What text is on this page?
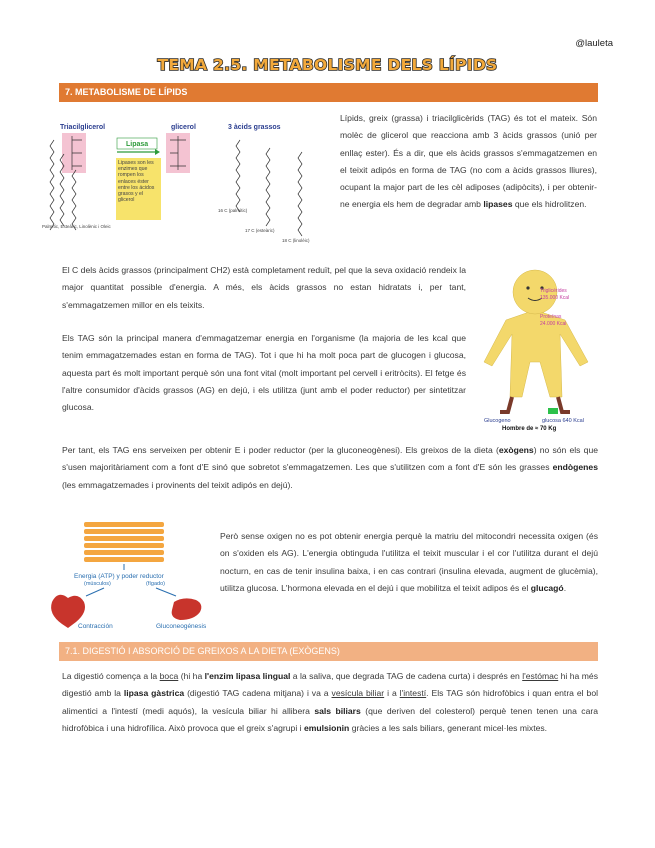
@lauleta
TEMA 2.5. METABOLISME DELS LÍPIDS
7. METABOLISME DE LÍPIDS
Triacilglicerol	glicerol	3 àcids grassos
Lipasa
Lipases son les enzimes que rompen los enlaces éster entre los ácidos grasos y el glicerol
Palmític, Esteàric, Linolènic i Oleic
16 C (palmític)
17 C (esteàric)
18 C (linolèic)

Lípids, greix (grassa) i triacilglicèrids (TAG) és tot el mateix. Són molèc de glicerol que reacciona amb 3 àcids grassos (unió per enllaç ester). És a dir, que els àcids grassos s'emmagatzemen en el teixit adipós en forma de TAG (no com a àcids grassos lliures), ocupant la major part de les cèl adiposes (adipòcits), i per obtenir-ne energia els hem de degradar amb lipases que els hidrolitzen.

El C dels àcids grassos (principalment CH2) està completament reduït, pel que la seva oxidació rendeix la major quantitat possible d'energia. A més, els àcids grassos no estan hidratats i, per tant, s'emmagatzemen millor en els teixits.

Triglicérides
135.000 Kcal
Proteínas
24.000 Kcal
Glucogeno	glucosa 640 Kcal
Hombre de ≈ 70 Kg

Els TAG són la principal manera d'emmagatzemar energia en l'organisme (la majoria de les kcal que tenim emmagatzemades estan en forma de TAG). Tot i que hi ha molt poca part de glucogen i glucosa, aquesta part és molt important perquè són una font vital (molt important pel cervell i eritròcits). El fetge és l'altre consumidor d'àcids grassos (AG) en dejú, i els utilitza (junt amb el poder reductor) per sintetitzar glucosa.

Per tant, els TAG ens serveixen per obtenir E i poder reductor (per la gluconeogènesi). Els greixos de la dieta (exògens) no són els que s'usen majoritàriament com a font d'E sinó que sobretot s'emmagatzemen. Les que s'utilitzen com a font d'E són les grasses endògenes (les emmagatzemades i provinents del teixit adipós en dejú).

Energia (ATP) y poder reductor
(músculos)	(fígado)
Contracción	Gluconeogénesis

Però sense oxigen no es pot obtenir energia perquè la matriu del mitocondri necessita oxigen (és on s'oxiden els AG). L'energia obtinguda l'utilitza el teixit muscular i el cor l'utilitza durant el dejú nocturn, en cas de tenir insulina baixa, i en cas contrari (insulina elevada, augment de glucèmia), utilitza glucosa. L'hormona elevada en el dejú i que mobilitza el teixit adipos és el glucagó.

7.1. DIGESTIÓ I ABSORCIÓ DE GREIXOS A LA DIETA (EXÒGENS)

La digestió comença a la boca (hi ha l'enzim lipasa lingual a la saliva, que degrada TAG de cadena curta) i després en l'estómac hi ha més digestió amb la lipasa gàstrica (digestió TAG cadena mitjana) i va a vesícula biliar i a l'intestí. Els TAG són hidrofòbics i quan entra el bol alimentici a l'intestí (medi aquós), la vesícula biliar hi allibera sals biliars (que deriven del colesterol) perquè tenen tenen una cara hidrofòbica i una hidrofílica. Això provoca que el greix s'agrupi i emulsionin gràcies a les sals biliars, generant micel·les mixtes.
